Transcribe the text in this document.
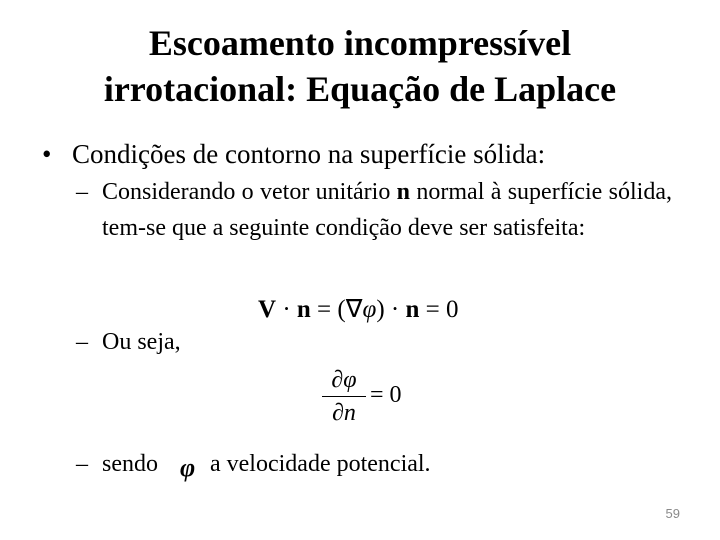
Escoamento incompressível
irrotacional: Equação de Laplace
• Condições de contorno na superfície sólida:
– Considerando o vetor unitário n normal à superfície sólida, tem-se que a seguinte condição deve ser satisfeita:
V · n = (∇φ) · n = 0
– Ou seja,
$\frac{\partial\varphi}{\partial n} = 0$
– sendo a velocidade potencial.
φ
59
